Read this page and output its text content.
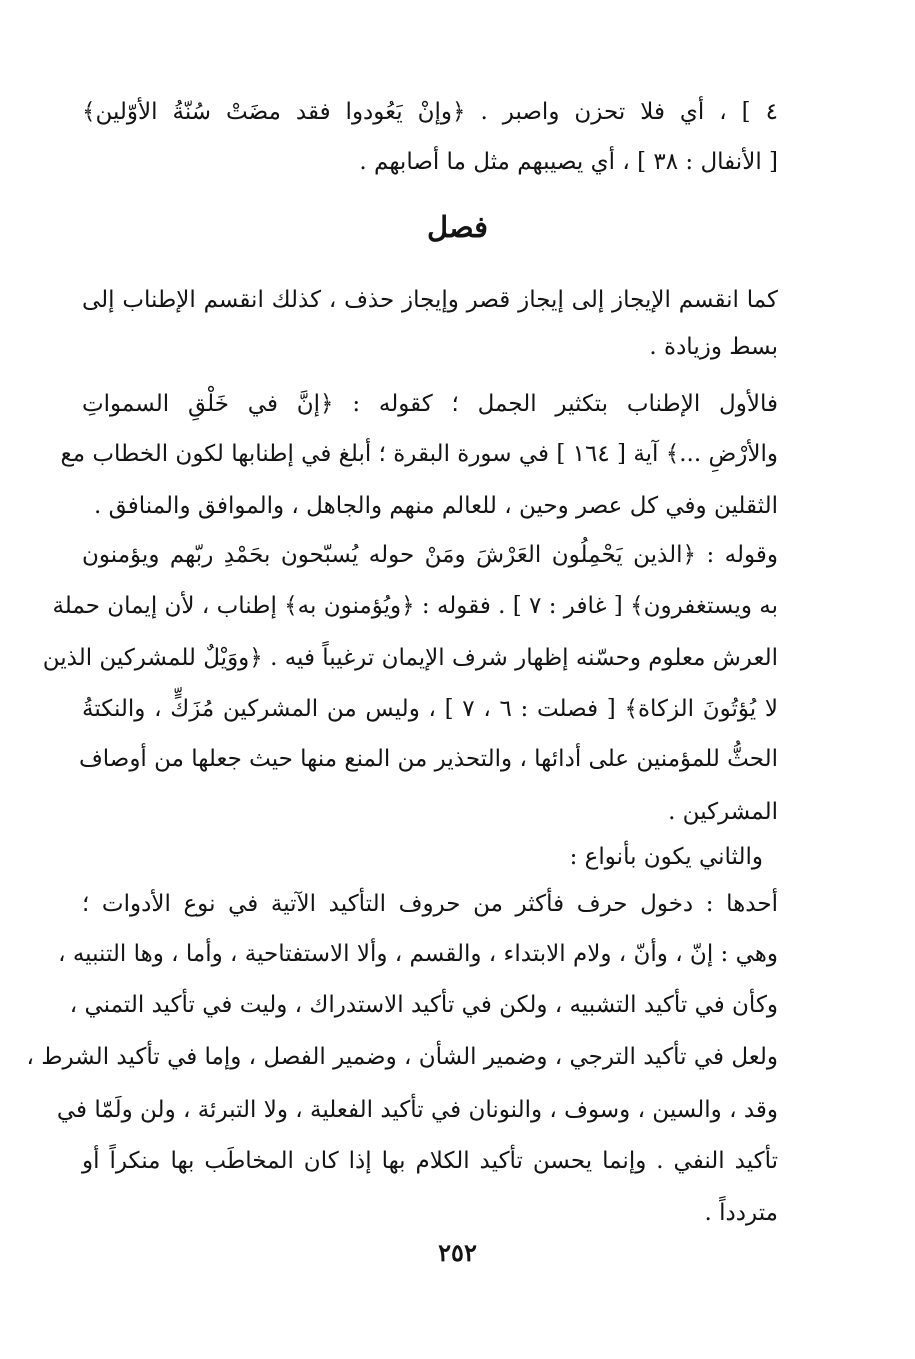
٤ ] ، أي فلا تحزن واصبر . ﴿وإنْ يَعُودوا فقد مضَتْ سُنّةُ الأوّلين﴾
[ الأنفال : ٣٨ ] ، أي يصيبهم مثل ما أصابهم .
فصل
كما انقسم الإيجاز إلى إيجاز قصر وإيجاز حذف ، كذلك انقسم الإطناب إلى
بسط وزيادة .
فالأول الإطناب بتكثير الجمل ؛ كقوله : ﴿إنَّ في خَلْقِ السمواتِ
والأرْضِ ...﴾ آية [ ١٦٤ ] في سورة البقرة ؛ أبلغ في إطنابها لكون الخطاب مع
الثقلين وفي كل عصر وحين ، للعالم منهم والجاهل ، والموافق والمنافق .
وقوله : ﴿الذين يَحْمِلُون العَرْشَ ومَنْ حوله يُسبّحون بحَمْدِ ربّهم ويؤمنون
به ويستغفرون﴾ [ غافر : ٧ ] . فقوله : ﴿ويُؤمنون به﴾ إطناب ، لأن إيمان حملة
العرش معلوم وحسّنه إظهار شرف الإيمان ترغيباً فيه . ﴿ووَيْلٌ للمشركين الذين
لا يُؤتُونَ الزكاة﴾ [ فصلت : ٦ ، ٧ ] ، وليس من المشركين مُزَكٍّ ، والنكتةُ
الحثُّ للمؤمنين على أدائها ، والتحذير من المنع منها حيث جعلها من أوصاف
المشركين .
والثاني يكون بأنواع :
أحدها : دخول حرف فأكثر من حروف التأكيد الآتية في نوع الأدوات ؛
وهي : إنّ ، وأنّ ، ولام الابتداء ، والقسم ، وألا الاستفتاحية ، وأما ، وها التنبيه ،
وكأن في تأكيد التشبيه ، ولكن في تأكيد الاستدراك ، وليت في تأكيد التمني ،
ولعل في تأكيد الترجي ، وضمير الشأن ، وضمير الفصل ، وإما في تأكيد الشرط ،
وقد ، والسين ، وسوف ، والنونان في تأكيد الفعلية ، ولا التبرئة ، ولن ولَمّا في
تأكيد النفي . وإنما يحسن تأكيد الكلام بها إذا كان المخاطَب بها منكراً أو
متردداً .
٢٥٢
